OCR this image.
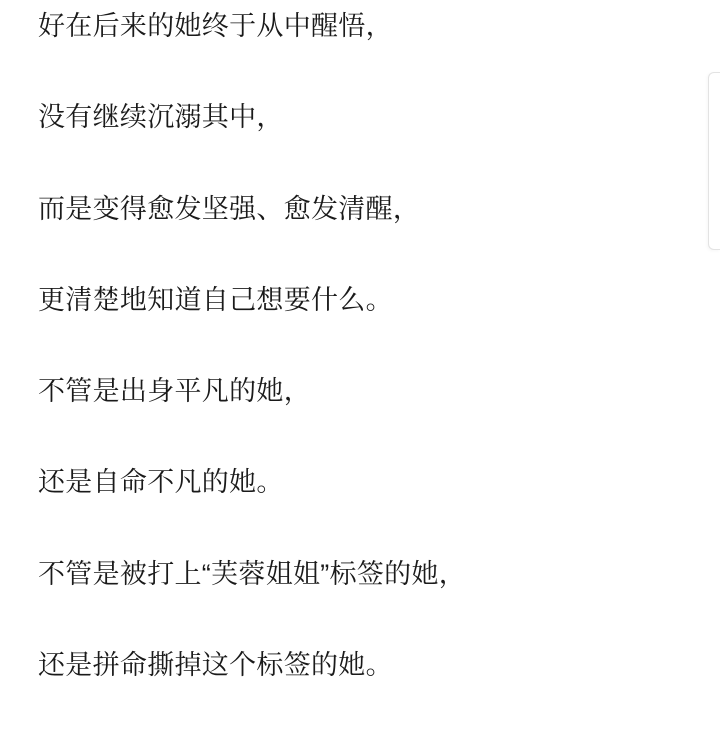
好在后来的她终于从中醒悟，

没有继续沉溺其中，

而是变得愈发坚强、愈发清醒，

更清楚地知道自己想要什么。

不管是出身平凡的她，

还是自命不凡的她。

不管是被打上“芙蓉姐姐”标签的她，

还是拼命撕掉这个标签的她。
